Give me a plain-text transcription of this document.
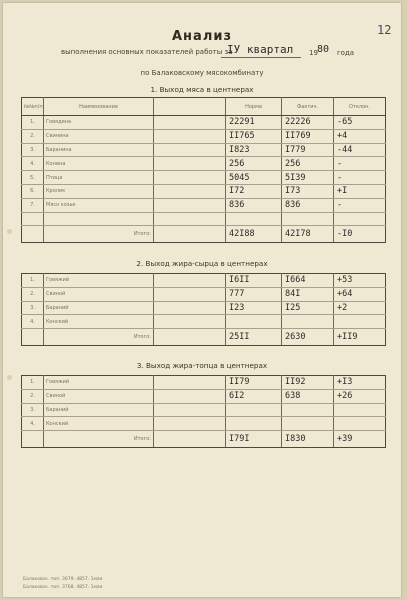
12
Анализ
выполнения основных показателей работы за
IУ квартал 19 80 года
по Балаковскому мясокомбинату
1. Выход мяса в центнерах
№№п/п	Наименование		Норма	Фактич.	Отклон.
1.	Говядина		22291	22226	-65
2.	Свинина		II765	II769	+4
3.	Баранина		I823	I779	-44
4.	Конина		256	256	-
5.	Птица		5045	5I39	-
6.	Кролик		I72	I73	+I
7.	Мясо козье		836	836	-

	Итого:		42I88	42I78	-I0
2. Выход жира-сырца в центнерах
1.	Говяжий		I6II	I664	+53
2.	Свиной		777	84I	+64
3.	Бараний		I23	I25	+2
4.	Конский				
	Итого:		25II	2630	+II9
3. Выход жира-топца в центнерах
1.	Говяжий		II79	II92	+I3
2.	Свиной		6I2	638	+26
3.	Бараний				
4.	Конский				
	Итого:		I79I	I830	+39
Балаковск. тип. 3679. 4857. 1мая
Балаковск. тип. 3768. 4857. 1мая
